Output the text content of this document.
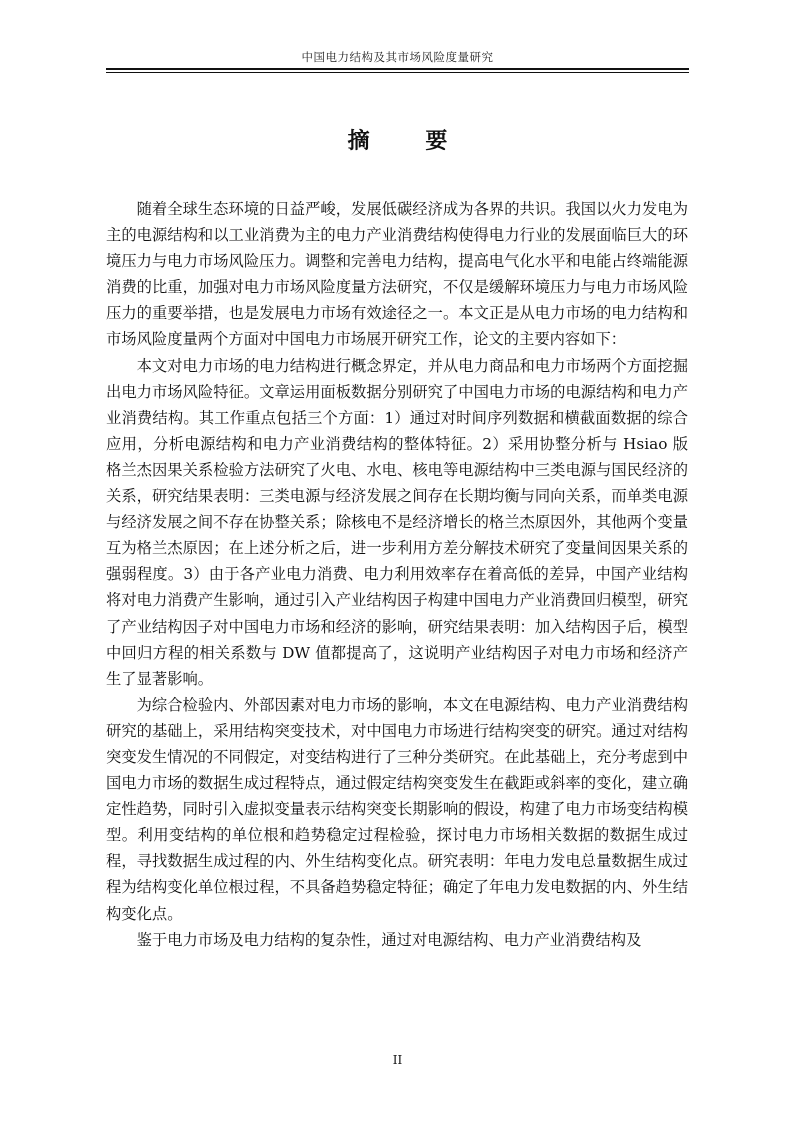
中国电力结构及其市场风险度量研究
摘 要

随着全球生态环境的日益严峻，发展低碳经济成为各界的共识。我国以火力发电为主的电源结构和以工业消费为主的电力产业消费结构使得电力行业的发展面临巨大的环境压力与电力市场风险压力。调整和完善电力结构，提高电气化水平和电能占终端能源消费的比重，加强对电力市场风险度量方法研究，不仅是缓解环境压力与电力市场风险压力的重要举措，也是发展电力市场有效途径之一。本文正是从电力市场的电力结构和市场风险度量两个方面对中国电力市场展开研究工作，论文的主要内容如下：

本文对电力市场的电力结构进行概念界定，并从电力商品和电力市场两个方面挖掘出电力市场风险特征。文章运用面板数据分别研究了中国电力市场的电源结构和电力产业消费结构。其工作重点包括三个方面：1）通过对时间序列数据和横截面数据的综合应用，分析电源结构和电力产业消费结构的整体特征。2）采用协整分析与 Hsiao 版格兰杰因果关系检验方法研究了火电、水电、核电等电源结构中三类电源与国民经济的关系，研究结果表明：三类电源与经济发展之间存在长期均衡与同向关系，而单类电源与经济发展之间不存在协整关系；除核电不是经济增长的格兰杰原因外，其他两个变量互为格兰杰原因；在上述分析之后，进一步利用方差分解技术研究了变量间因果关系的强弱程度。3）由于各产业电力消费、电力利用效率存在着高低的差异，中国产业结构将对电力消费产生影响，通过引入产业结构因子构建中国电力产业消费回归模型，研究了产业结构因子对中国电力市场和经济的影响，研究结果表明：加入结构因子后，模型中回归方程的相关系数与 DW 值都提高了，这说明产业结构因子对电力市场和经济产生了显著影响。

为综合检验内、外部因素对电力市场的影响，本文在电源结构、电力产业消费结构研究的基础上，采用结构突变技术，对中国电力市场进行结构突变的研究。通过对结构突变发生情况的不同假定，对变结构进行了三种分类研究。在此基础上，充分考虑到中国电力市场的数据生成过程特点，通过假定结构突变发生在截距或斜率的变化，建立确定性趋势，同时引入虚拟变量表示结构突变长期影响的假设，构建了电力市场变结构模型。利用变结构的单位根和趋势稳定过程检验，探讨电力市场相关数据的数据生成过程，寻找数据生成过程的内、外生结构变化点。研究表明：年电力发电总量数据生成过程为结构变化单位根过程，不具备趋势稳定特征；确定了年电力发电数据的内、外生结构变化点。

鉴于电力市场及电力结构的复杂性，通过对电源结构、电力产业消费结构及

II
